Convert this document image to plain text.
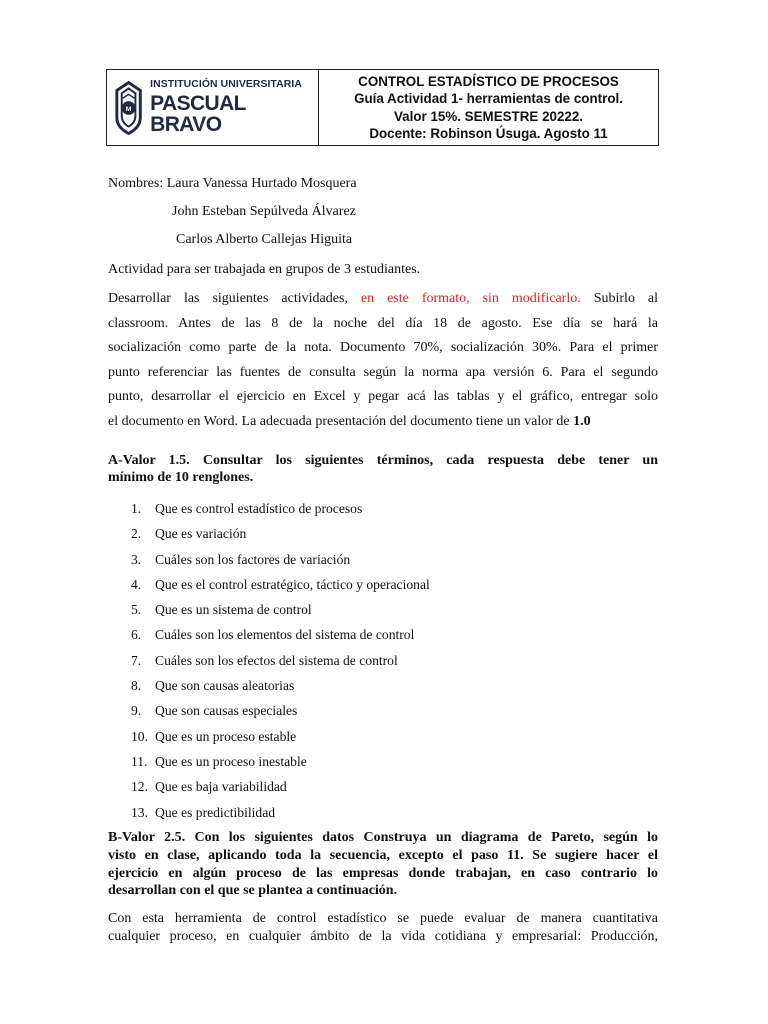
M
INSTITUCIÓN UNIVERSITARIA
PASCUAL BRAVO
CONTROL ESTADÍSTICO DE PROCESOS
Guía Actividad 1- herramientas de control.
Valor 15%. SEMESTRE 20222.
Docente: Robinson Úsuga. Agosto 11
Nombres: Laura Vanessa Hurtado Mosquera
John Esteban Sepúlveda Álvarez
Carlos Alberto Callejas Higuita
Actividad para ser trabajada en grupos de 3 estudiantes.
Desarrollar las siguientes actividades, en este formato, sin modificarlo. Subirlo al
classroom. Antes de las 8 de la noche del día 18 de agosto. Ese día se hará la
socialización como parte de la nota. Documento 70%, socialización 30%. Para el primer
punto referenciar las fuentes de consulta según la norma apa versión 6. Para el segundo
punto, desarrollar el ejercicio en Excel y pegar acá las tablas y el gráfico, entregar solo
el documento en Word. La adecuada presentación del documento tiene un valor de 1.0
A-Valor 1.5. Consultar los siguientes términos, cada respuesta debe tener un
mínimo de 10 renglones.
1.	Que es control estadístico de procesos
2.	Que es variación
3.	Cuáles son los factores de variación
4.	Que es el control estratégico, táctico y operacional
5.	Que es un sistema de control
6.	Cuáles son los elementos del sistema de control
7.	Cuáles son los efectos del sistema de control
8.	Que son causas aleatorias
9.	Que son causas especiales
10. Que es un proceso estable
11. Que es un proceso inestable
12. Que es baja variabilidad
13. Que es predictibilidad
B-Valor 2.5. Con los siguientes datos Construya un diagrama de Pareto, según lo
visto en clase, aplicando toda la secuencia, excepto el paso 11. Se sugiere hacer el
ejercicio en algún proceso de las empresas donde trabajan, en caso contrario lo
desarrollan con el que se plantea a continuación.
Con esta herramienta de control estadístico se puede evaluar de manera cuantitativa
cualquier proceso, en cualquier ámbito de la vida cotidiana y empresarial: Producción,
